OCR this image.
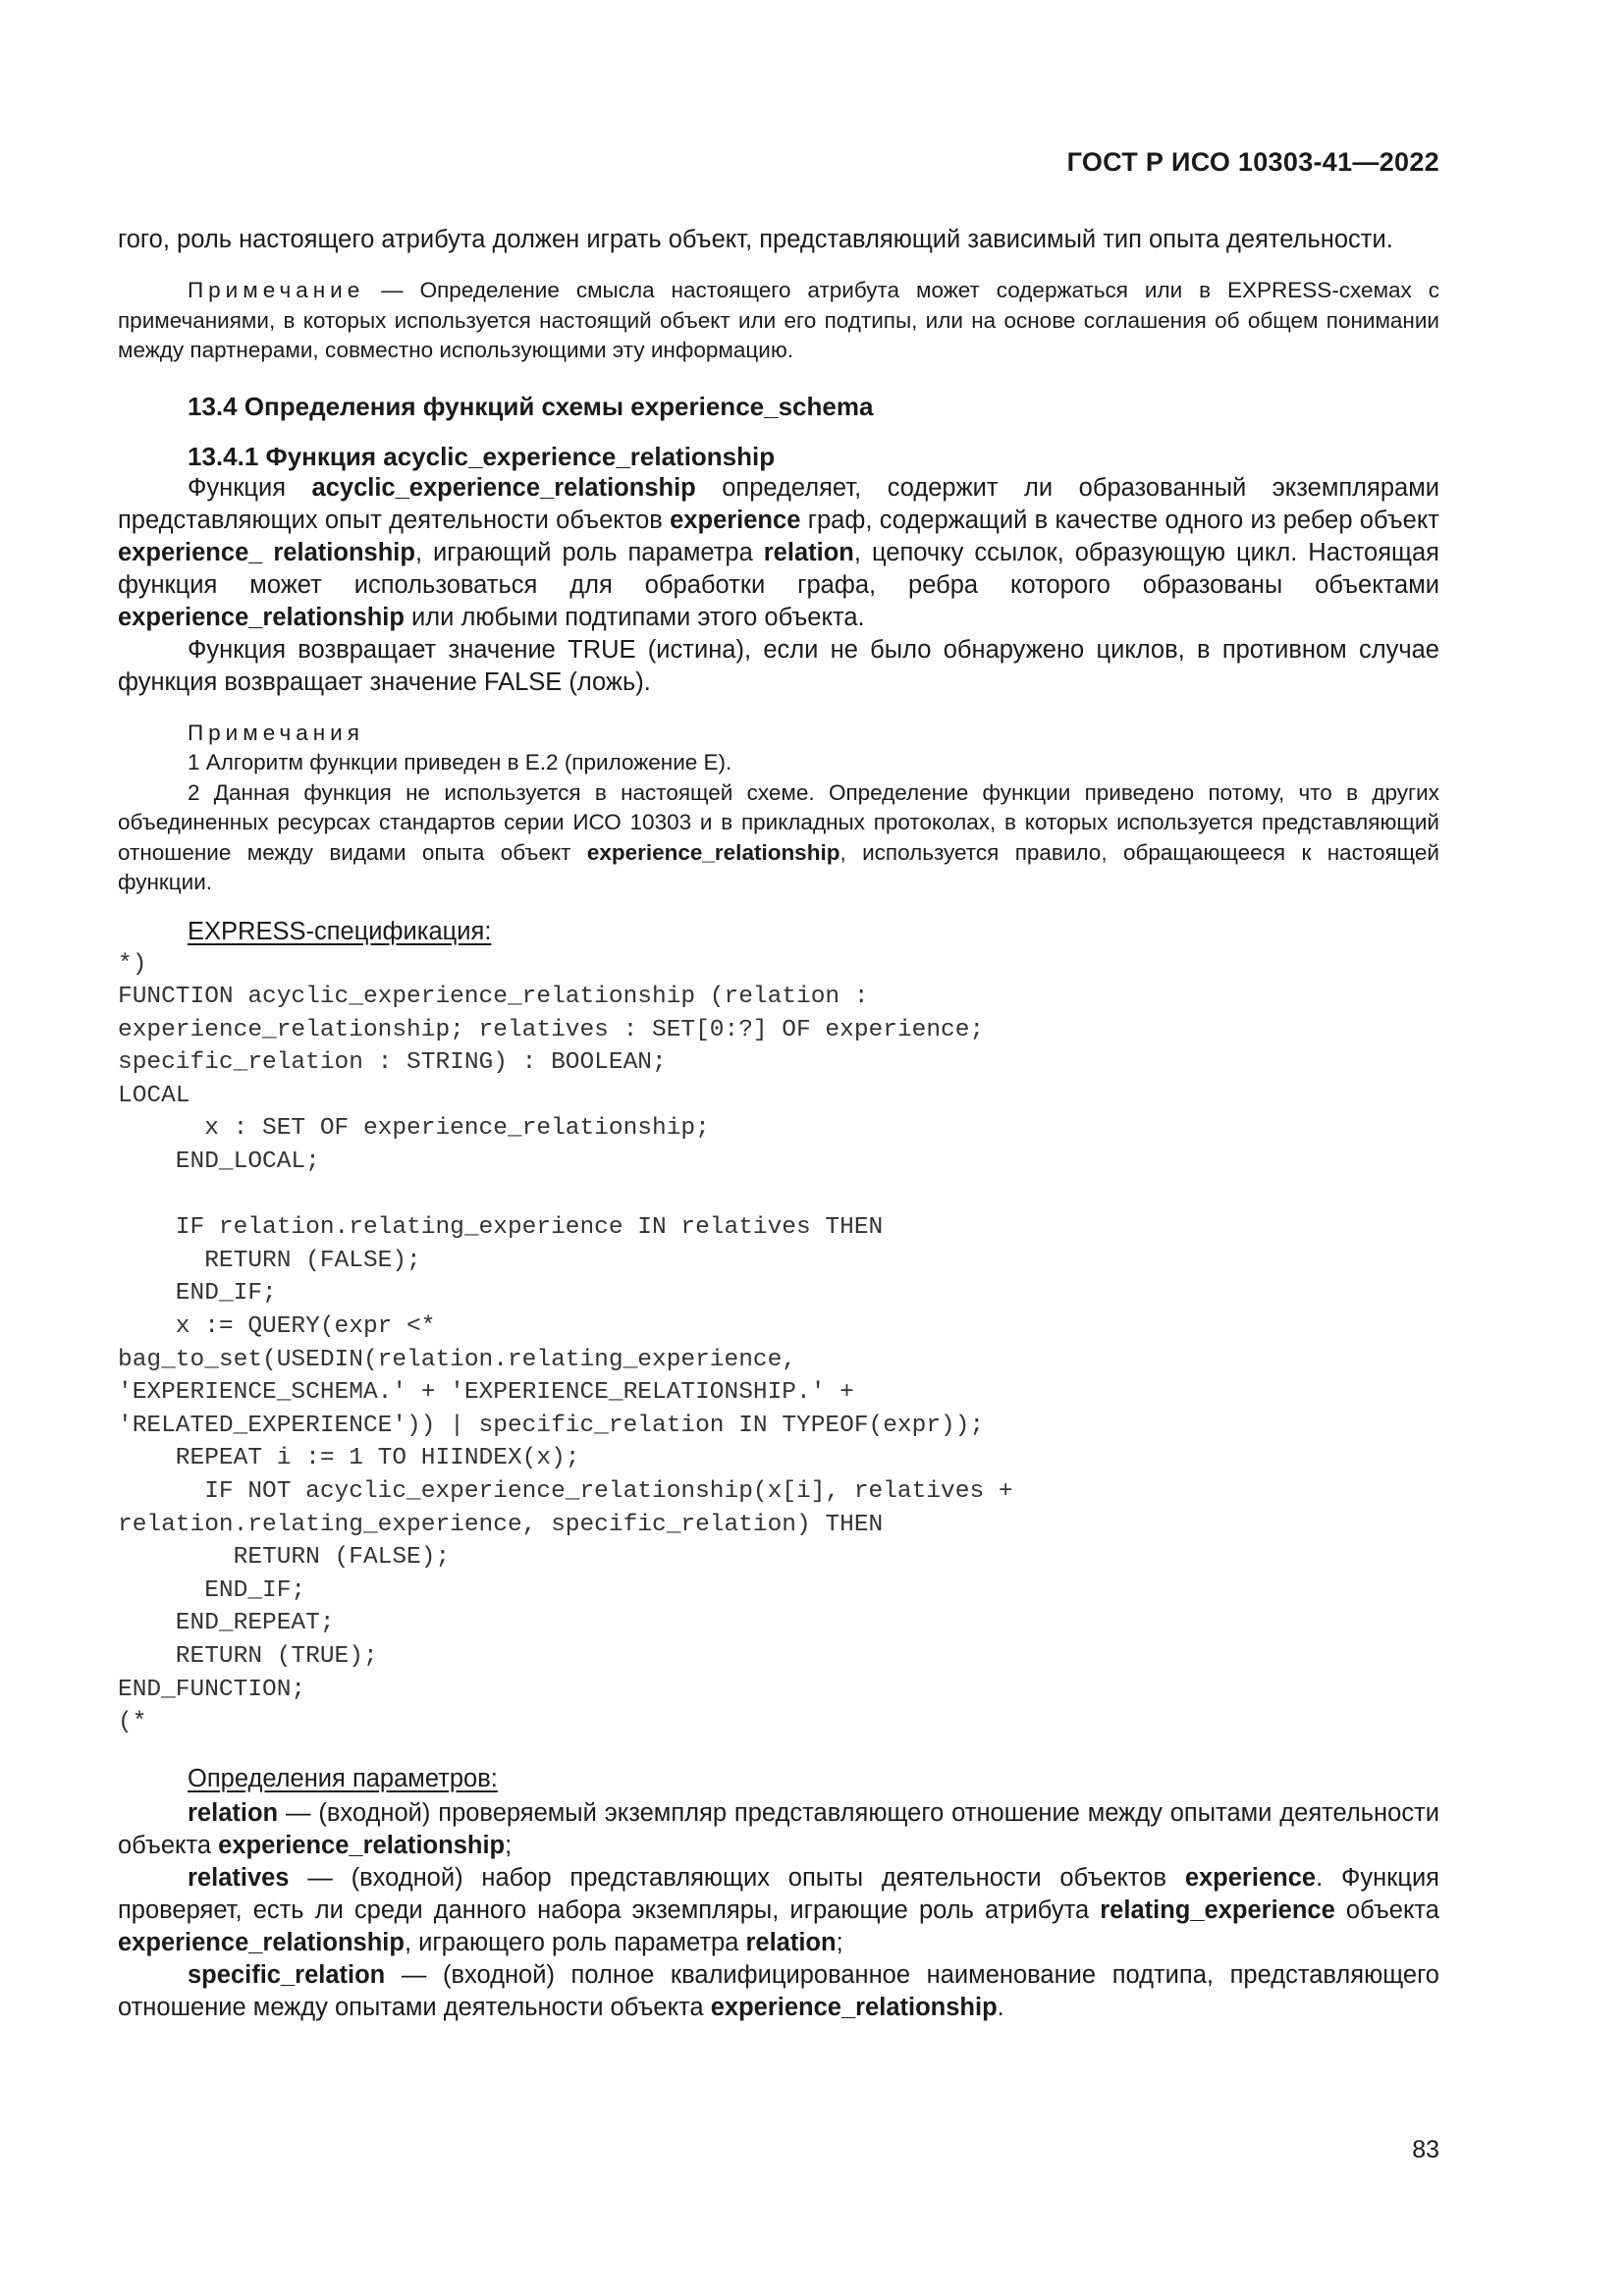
ГОСТ Р ИСО 10303-41—2022

гого, роль настоящего атрибута должен играть объект, представляющий зависимый тип опыта деятельности.

Примечание — Определение смысла настоящего атрибута может содержаться или в EXPRESS-схемах с примечаниями, в которых используется настоящий объект или его подтипы, или на основе соглашения об общем понимании между партнерами, совместно использующими эту информацию.

13.4 Определения функций схемы experience_schema

13.4.1 Функция acyclic_experience_relationship

Функция acyclic_experience_relationship определяет, содержит ли образованный экземплярами представляющих опыт деятельности объектов experience граф, содержащий в качестве одного из ребер объект experience_ relationship, играющий роль параметра relation, цепочку ссылок, образующую цикл. Настоящая функция может использоваться для обработки графа, ребра которого образованы объектами experience_relationship или любыми подтипами этого объекта.

Функция возвращает значение TRUE (истина), если не было обнаружено циклов, в противном случае функция возвращает значение FALSE (ложь).

Примечания

1 Алгоритм функции приведен в Е.2 (приложение Е).

2 Данная функция не используется в настоящей схеме. Определение функции приведено потому, что в других объединенных ресурсах стандартов серии ИСО 10303 и в прикладных протоколах, в которых используется представляющий отношение между видами опыта объект experience_relationship, используется правило, обращающееся к настоящей функции.

EXPRESS-спецификация:

*)
FUNCTION acyclic_experience_relationship (relation :
experience_relationship; relatives : SET[0:?] OF experience;
specific_relation : STRING) : BOOLEAN;
LOCAL
x : SET OF experience_relationship;
END_LOCAL;

IF relation.relating_experience IN relatives THEN
RETURN (FALSE);
END_IF;
x := QUERY(expr <*
bag_to_set(USEDIN(relation.relating_experience,
'EXPERIENCE_SCHEMA.' + 'EXPERIENCE_RELATIONSHIP.' +
'RELATED_EXPERIENCE')) | specific_relation IN TYPEOF(expr));
REPEAT i := 1 TO HIINDEX(x);
IF NOT acyclic_experience_relationship(x[i], relatives +
relation.relating_experience, specific_relation) THEN
RETURN (FALSE);
END_IF;
END_REPEAT;
RETURN (TRUE);
END_FUNCTION;
(*

Определения параметров:

relation — (входной) проверяемый экземпляр представляющего отношение между опытами деятельности объекта experience_relationship;

relatives — (входной) набор представляющих опыты деятельности объектов experience. Функция проверяет, есть ли среди данного набора экземпляры, играющие роль атрибута relating_experience объекта experience_relationship, играющего роль параметра relation;

specific_relation — (входной) полное квалифицированное наименование подтипа, представляющего отношение между опытами деятельности объекта experience_relationship.

83
